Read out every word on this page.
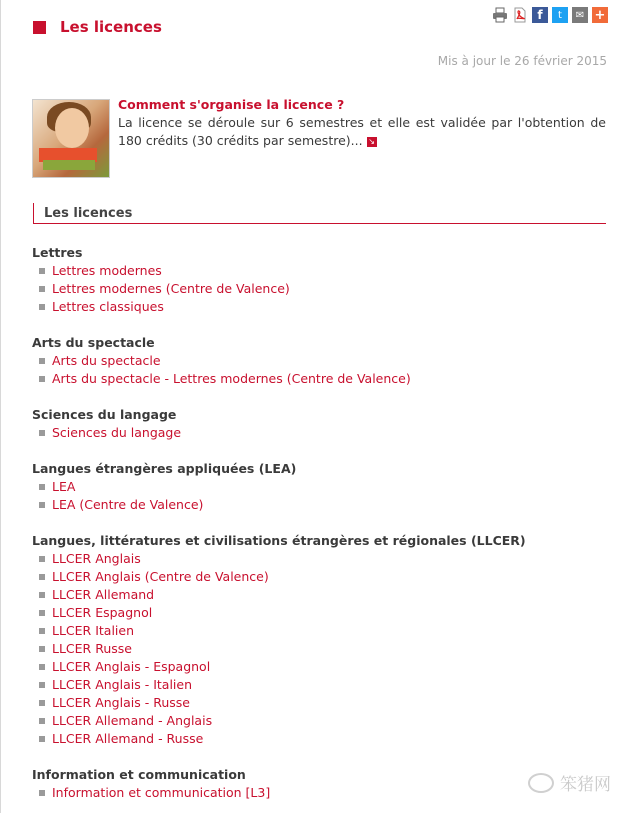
Les licences
f	t	✉ +
Mis à jour le 26 février 2015
Comment s'organise la licence ?
La licence se déroule sur 6 semestres et elle est validée par l'obtention de 180 crédits (30 crédits par semestre)... ↘
Les licences
Lettres
Lettres modernes
Lettres modernes (Centre de Valence)
Lettres classiques
Arts du spectacle
Arts du spectacle
Arts du spectacle - Lettres modernes (Centre de Valence)
Sciences du langage
Sciences du langage
Langues étrangères appliquées (LEA)
LEA
LEA (Centre de Valence)
Langues, littératures et civilisations étrangères et régionales (LLCER)
LLCER Anglais
LLCER Anglais (Centre de Valence)
LLCER Allemand
LLCER Espagnol
LLCER Italien
LLCER Russe
LLCER Anglais - Espagnol
LLCER Anglais - Italien
LLCER Anglais - Russe
LLCER Allemand - Anglais
LLCER Allemand - Russe
Information et communication
Information et communication [L3]	笨猪网
